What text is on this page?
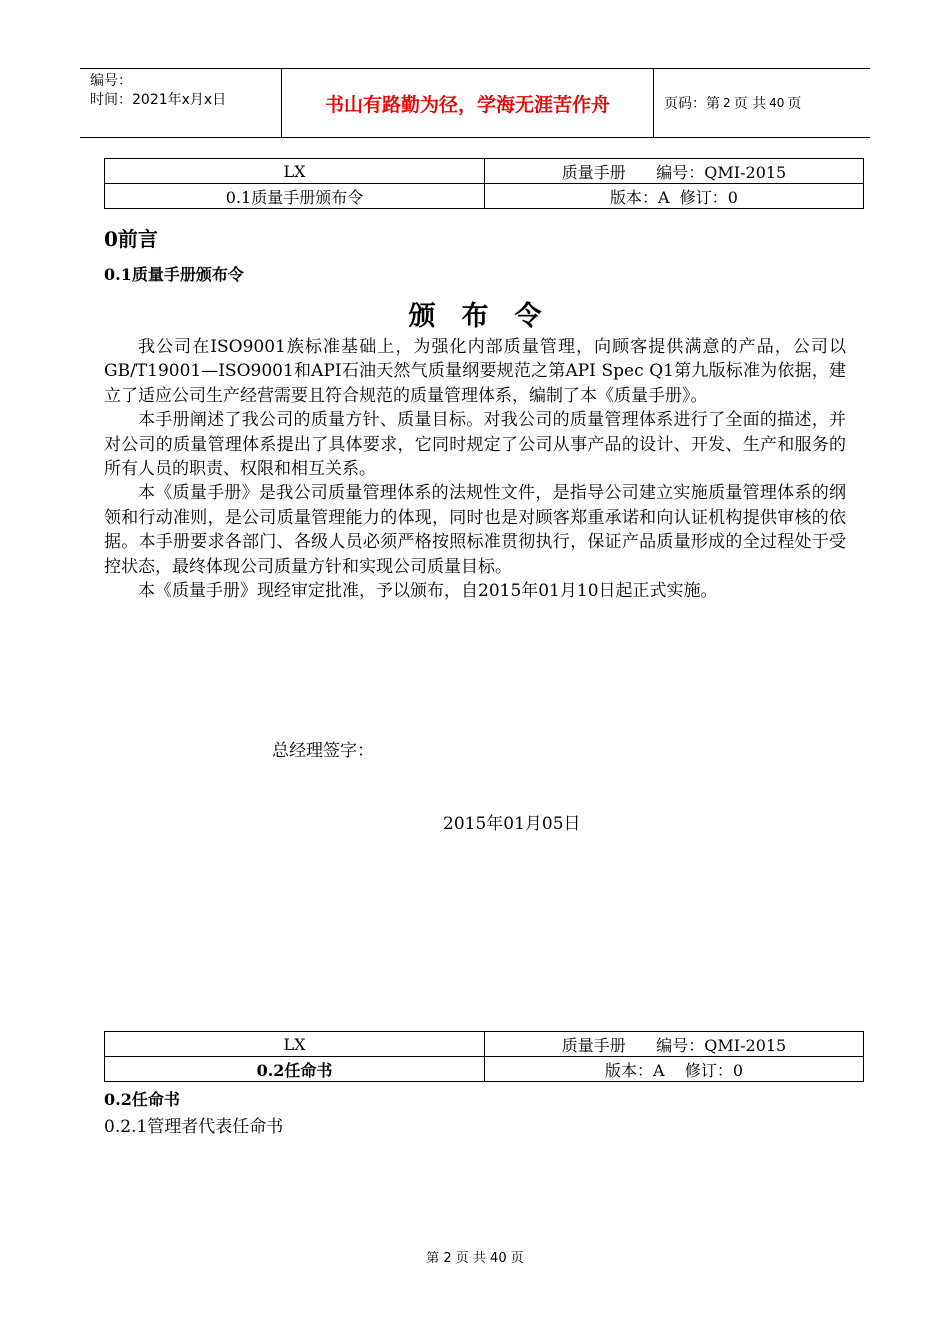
编号：
时间：2021年x月x日	书山有路勤为径，学海无涯苦作舟	页码：第 2 页 共 40 页
LX	质量手册      编号：QMI-2015
0.1质量手册颁布令	版本：A  修订：0
0前言
0.1质量手册颁布令
颁布令

我公司在ISO9001族标准基础上，为强化内部质量管理，向顾客提供满意的产品，公司以GB/T19001—ISO9001和API石油天然气质量纲要规范之第API Spec Q1第九版标准为依据，建立了适应公司生产经营需要且符合规范的质量管理体系，编制了本《质量手册》。

本手册阐述了我公司的质量方针、质量目标。对我公司的质量管理体系进行了全面的描述，并对公司的质量管理体系提出了具体要求，它同时规定了公司从事产品的设计、开发、生产和服务的所有人员的职责、权限和相互关系。

本《质量手册》是我公司质量管理体系的法规性文件，是指导公司建立实施质量管理体系的纲领和行动准则，是公司质量管理能力的体现，同时也是对顾客郑重承诺和向认证机构提供审核的依据。本手册要求各部门、各级人员必须严格按照标准贯彻执行，保证产品质量形成的全过程处于受控状态，最终体现公司质量方针和实现公司质量目标。

本《质量手册》现经审定批准，予以颁布，自2015年01月10日起正式实施。

总经理签字：
2015年01月05日
LX	质量手册      编号：QMI-2015
0.2任命书	版本：A    修订：0
0.2任命书
0.2.1管理者代表任命书
第 2 页 共 40 页
